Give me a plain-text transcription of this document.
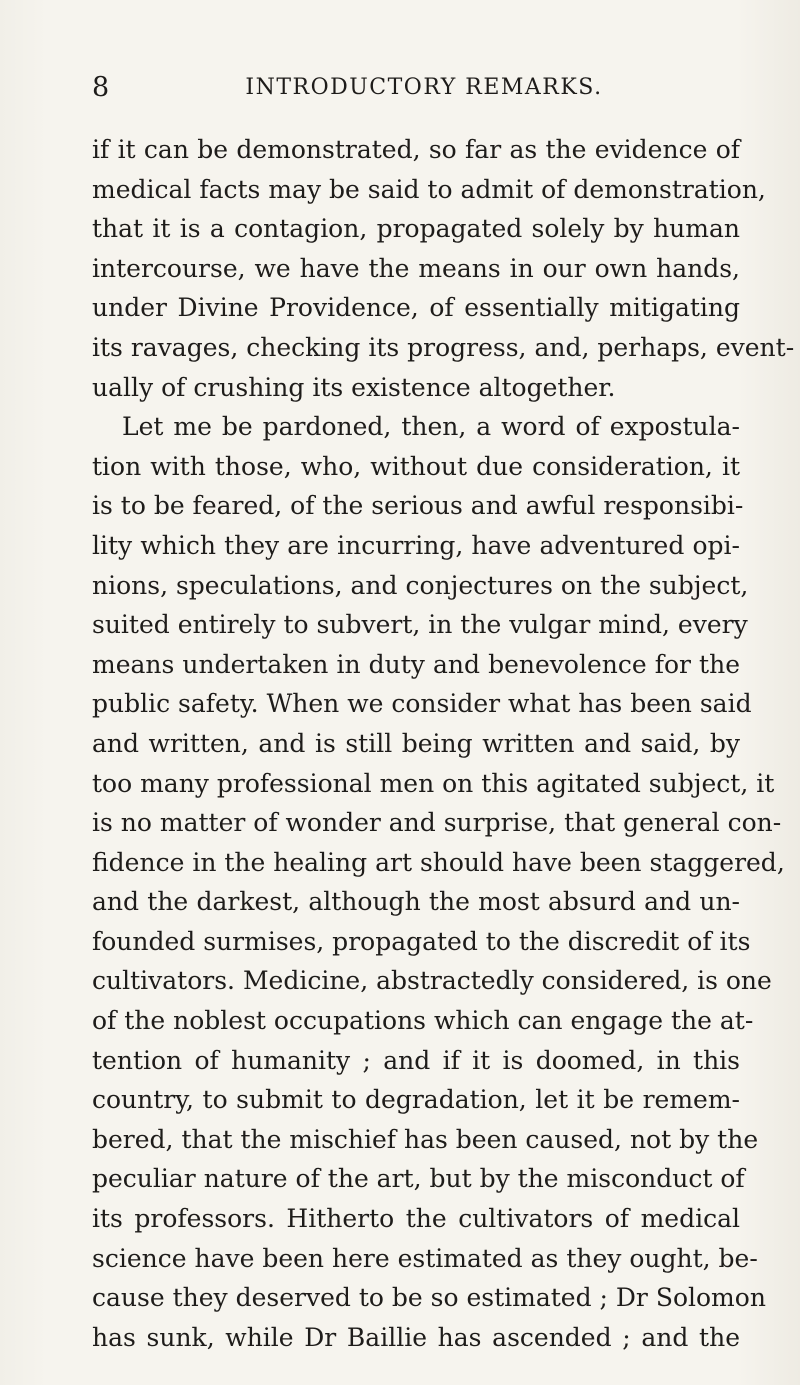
8	INTRODUCTORY REMARKS.
if it can be demonstrated, so far as the evidence of
medical facts may be said to admit of demonstration,
that it is a contagion, propagated solely by human
intercourse, we have the means in our own hands,
under Divine Providence, of essentially mitigating
its ravages, checking its progress, and, perhaps, event-
ually of crushing its existence altogether.
Let me be pardoned, then, a word of expostula-
tion with those, who, without due consideration, it
is to be feared, of the serious and awful responsibi-
lity which they are incurring, have adventured opi-
nions, speculations, and conjectures on the subject,
suited entirely to subvert, in the vulgar mind, every
means undertaken in duty and benevolence for the
public safety. When we consider what has been said
and written, and is still being written and said, by
too many professional men on this agitated subject, it
is no matter of wonder and surprise, that general con-
fidence in the healing art should have been staggered,
and the darkest, although the most absurd and un-
founded surmises, propagated to the discredit of its
cultivators. Medicine, abstractedly considered, is one
of the noblest occupations which can engage the at-
tention of humanity ; and if it is doomed, in this
country, to submit to degradation, let it be remem-
bered, that the mischief has been caused, not by the
peculiar nature of the art, but by the misconduct of
its professors. Hitherto the cultivators of medical
science have been here estimated as they ought, be-
cause they deserved to be so estimated ; Dr Solomon
has sunk, while Dr Baillie has ascended ; and the
